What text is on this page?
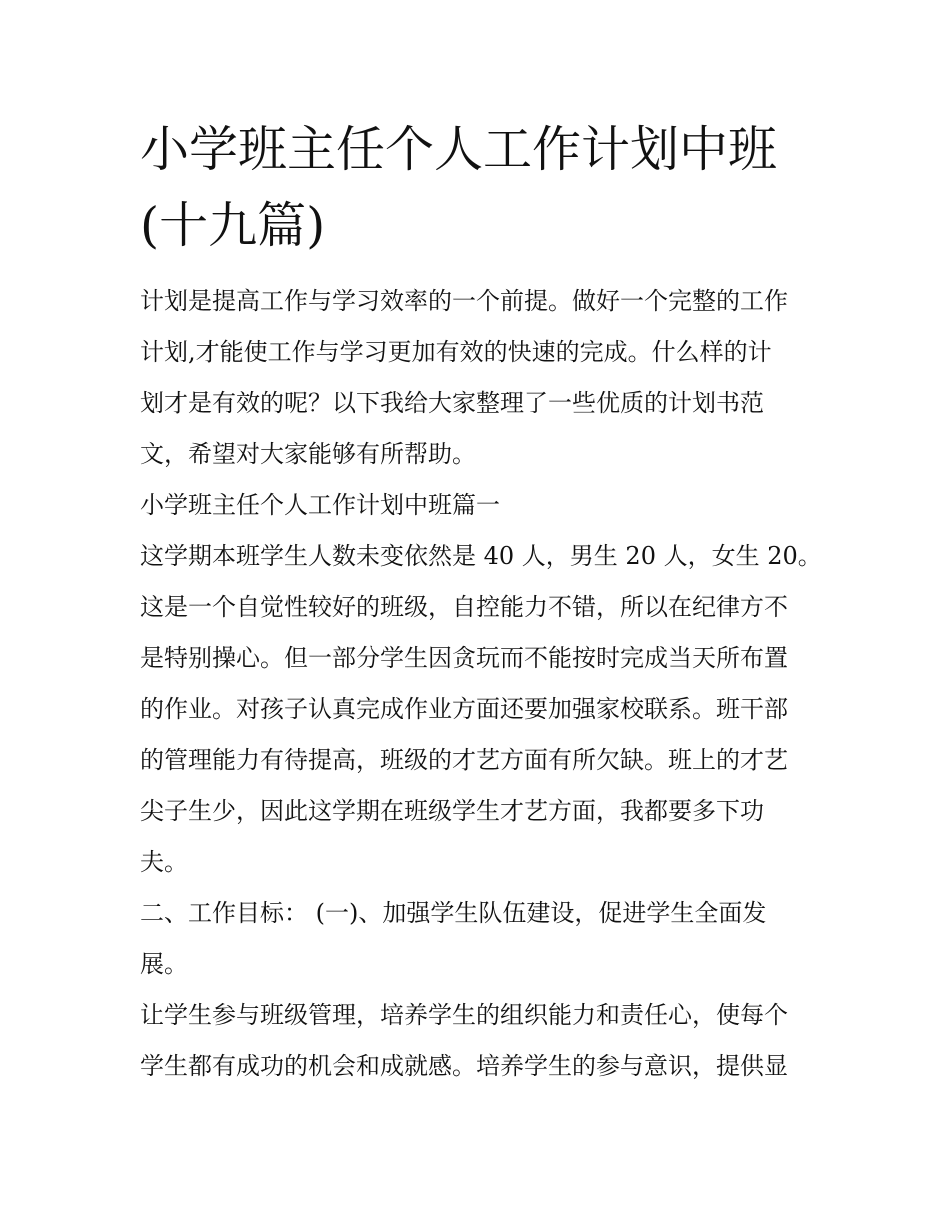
小学班主任个人工作计划中班
(十九篇)
计划是提高工作与学习效率的一个前提。做好一个完整的工作
计划,才能使工作与学习更加有效的快速的完成。什么样的计
划才是有效的呢？以下我给大家整理了一些优质的计划书范
文，希望对大家能够有所帮助。
小学班主任个人工作计划中班篇一
这学期本班学生人数未变依然是 40 人，男生 20 人，女生 20。
这是一个自觉性较好的班级，自控能力不错，所以在纪律方不
是特别操心。但一部分学生因贪玩而不能按时完成当天所布置
的作业。对孩子认真完成作业方面还要加强家校联系。班干部
的管理能力有待提高，班级的才艺方面有所欠缺。班上的才艺
尖子生少，因此这学期在班级学生才艺方面，我都要多下功
夫。
二、工作目标： (一)、加强学生队伍建设，促进学生全面发
展。
让学生参与班级管理，培养学生的组织能力和责任心，使每个
学生都有成功的机会和成就感。培养学生的参与意识，提供显
